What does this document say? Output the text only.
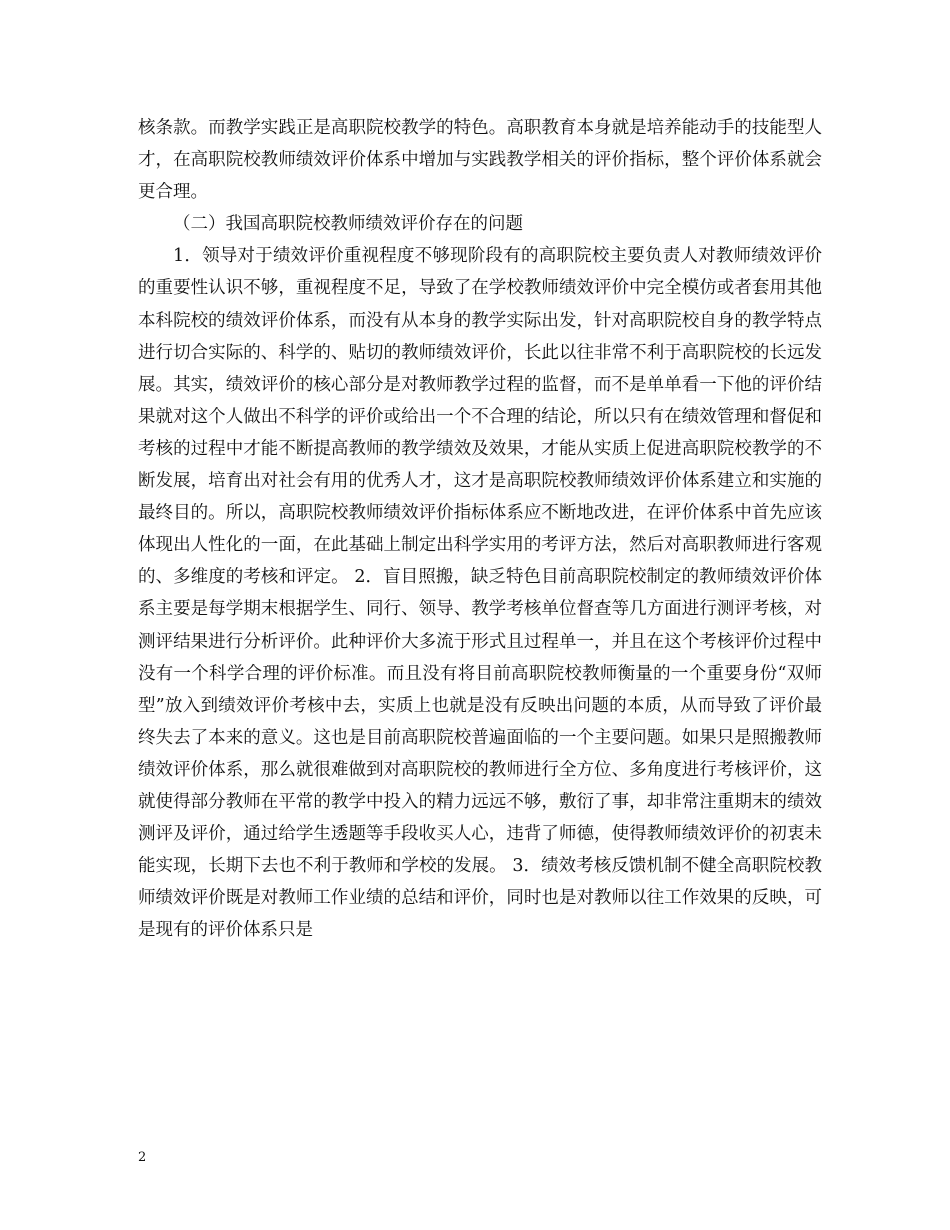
核条款。而教学实践正是高职院校教学的特色。高职教育本身就是培养能动手的技能型人才，在高职院校教师绩效评价体系中增加与实践教学相关的评价指标，整个评价体系就会更合理。

（二）我国高职院校教师绩效评价存在的问题

1．领导对于绩效评价重视程度不够现阶段有的高职院校主要负责人对教师绩效评价的重要性认识不够，重视程度不足，导致了在学校教师绩效评价中完全模仿或者套用其他本科院校的绩效评价体系，而没有从本身的教学实际出发，针对高职院校自身的教学特点进行切合实际的、科学的、贴切的教师绩效评价，长此以往非常不利于高职院校的长远发展。其实，绩效评价的核心部分是对教师教学过程的监督，而不是单单看一下他的评价结果就对这个人做出不科学的评价或给出一个不合理的结论，所以只有在绩效管理和督促和考核的过程中才能不断提高教师的教学绩效及效果，才能从实质上促进高职院校教学的不断发展，培育出对社会有用的优秀人才，这才是高职院校教师绩效评价体系建立和实施的最终目的。所以，高职院校教师绩效评价指标体系应不断地改进，在评价体系中首先应该体现出人性化的一面，在此基础上制定出科学实用的考评方法，然后对高职教师进行客观的、多维度的考核和评定。 2．盲目照搬，缺乏特色目前高职院校制定的教师绩效评价体系主要是每学期末根据学生、同行、领导、教学考核单位督查等几方面进行测评考核，对测评结果进行分析评价。此种评价大多流于形式且过程单一，并且在这个考核评价过程中没有一个科学合理的评价标准。而且没有将目前高职院校教师衡量的一个重要身份“双师型”放入到绩效评价考核中去，实质上也就是没有反映出问题的本质，从而导致了评价最终失去了本来的意义。这也是目前高职院校普遍面临的一个主要问题。如果只是照搬教师绩效评价体系，那么就很难做到对高职院校的教师进行全方位、多角度进行考核评价，这就使得部分教师在平常的教学中投入的精力远远不够，敷衍了事，却非常注重期末的绩效测评及评价，通过给学生透题等手段收买人心，违背了师德，使得教师绩效评价的初衷未能实现，长期下去也不利于教师和学校的发展。 3．绩效考核反馈机制不健全高职院校教师绩效评价既是对教师工作业绩的总结和评价，同时也是对教师以往工作效果的反映，可是现有的评价体系只是

2
